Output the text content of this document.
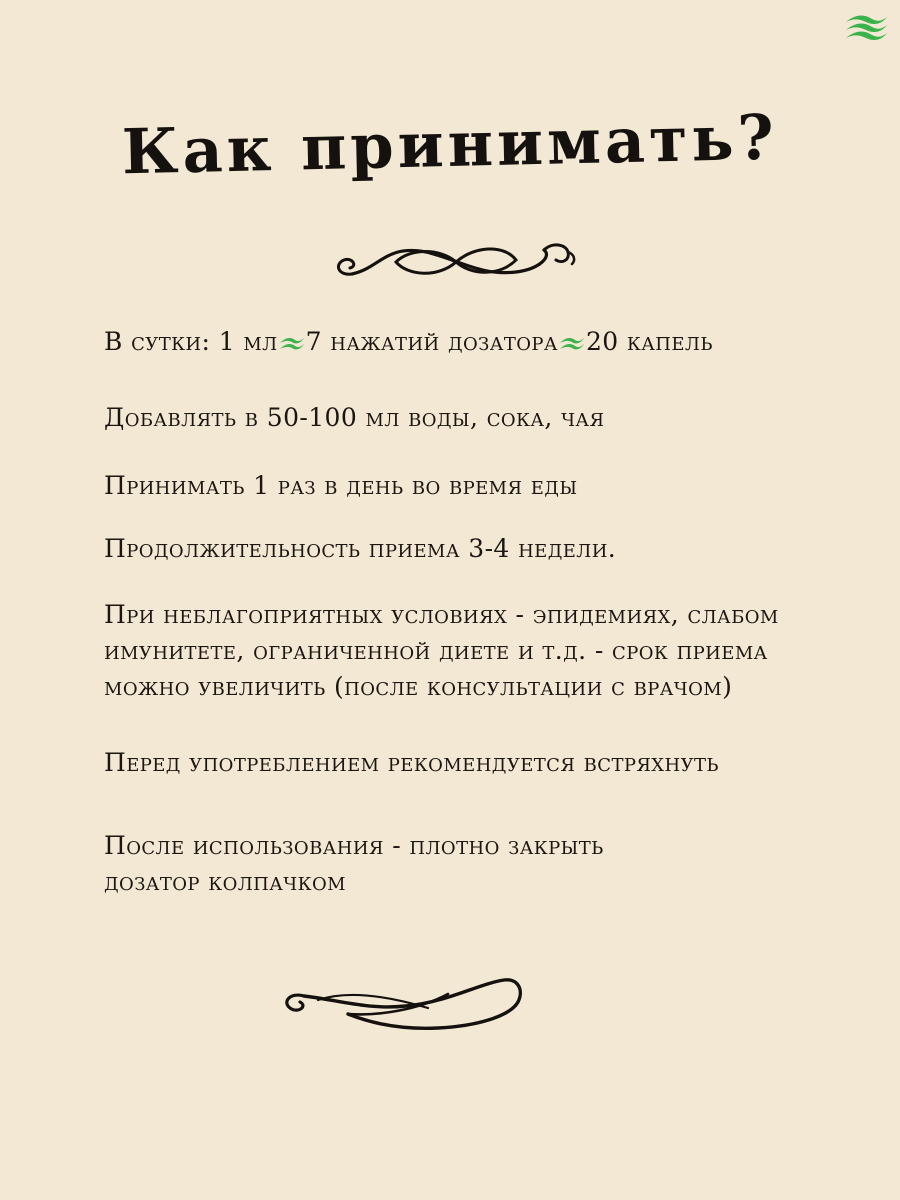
Как принимать?
В сутки: 1 мл 7 нажатий дозатора 20 капель
Добавлять в 50-100 мл воды, сока, чая
Принимать 1 раз в день во время еды
Продолжительность приема 3-4 недели.
При неблагоприятных условиях - эпидемиях, слабом
имунитете, ограниченной диете и т.д. - срок приема
можно увеличить (после консультации с врачом)
Перед употреблением рекомендуется встряхнуть
После использования - плотно закрыть
дозатор колпачком
